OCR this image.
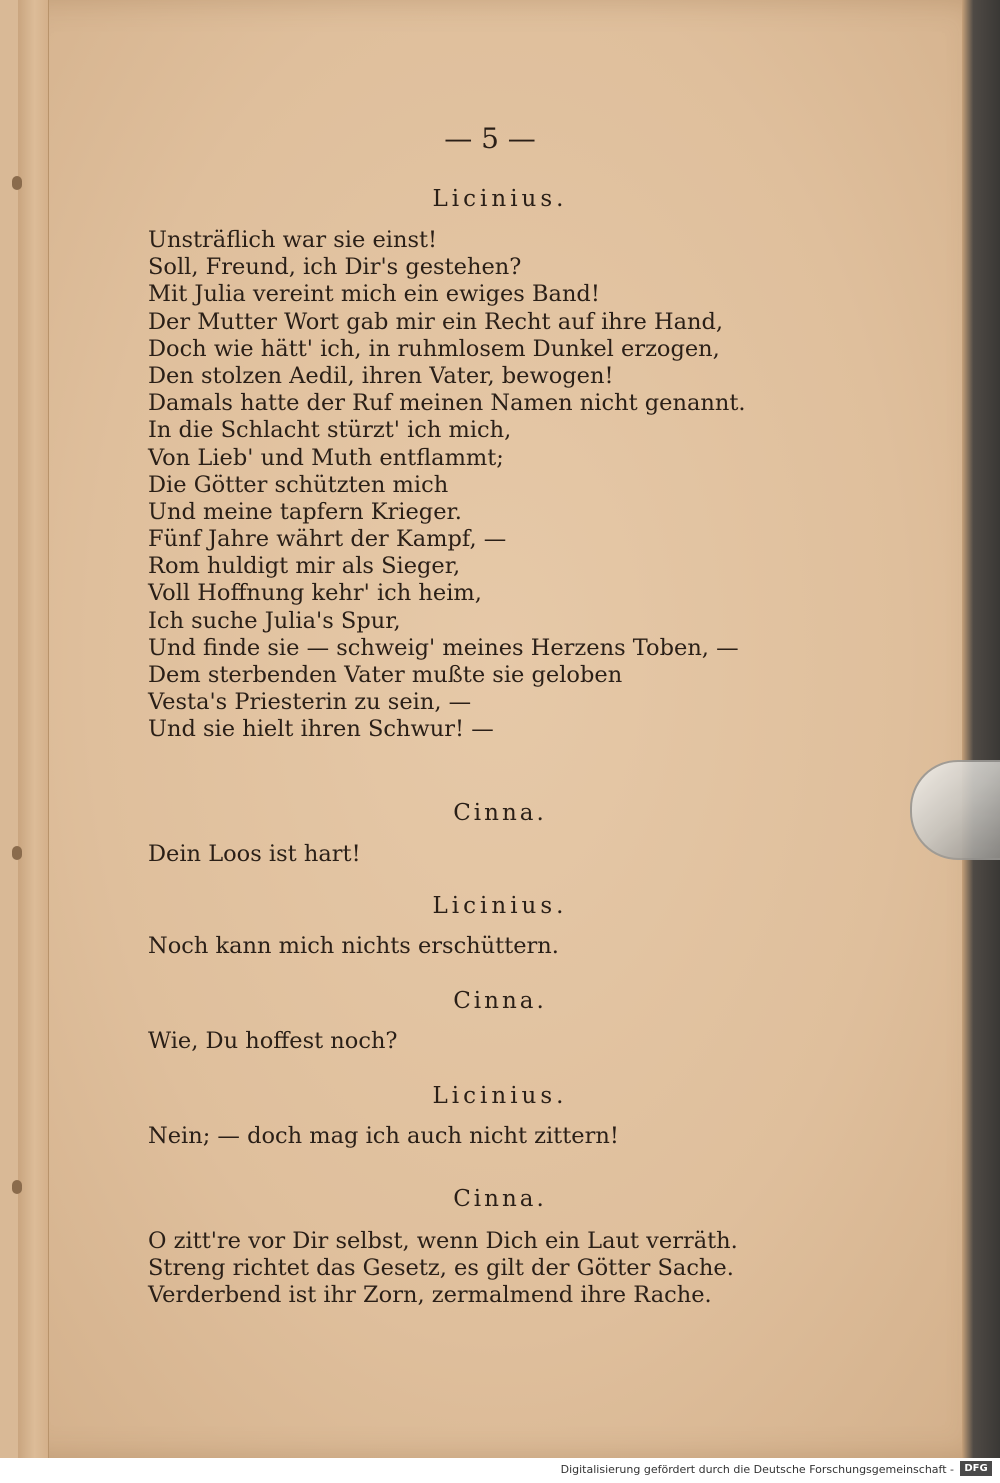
— 5 —
Licinius.
Unsträflich war sie einst!
Soll, Freund, ich Dir's gestehen?
Mit Julia vereint mich ein ewiges Band!
Der Mutter Wort gab mir ein Recht auf ihre Hand,
Doch wie hätt' ich, in ruhmlosem Dunkel erzogen,
Den stolzen Aedil, ihren Vater, bewogen!
Damals hatte der Ruf meinen Namen nicht genannt.
In die Schlacht stürzt' ich mich,
Von Lieb' und Muth entflammt;
Die Götter schützten mich
Und meine tapfern Krieger.
Fünf Jahre währt der Kampf, —
Rom huldigt mir als Sieger,
Voll Hoffnung kehr' ich heim,
Ich suche Julia's Spur,
Und finde sie — schweig' meines Herzens Toben, —
Dem sterbenden Vater mußte sie geloben
Vesta's Priesterin zu sein, —
Und sie hielt ihren Schwur! —
Cinna.
Dein Loos ist hart!
Licinius.
Noch kann mich nichts erschüttern.
Cinna.
Wie, Du hoffest noch?
Licinius.
Nein; — doch mag ich auch nicht zittern!
Cinna.
O zitt're vor Dir selbst, wenn Dich ein Laut verräth.
Streng richtet das Gesetz, es gilt der Götter Sache.
Verderbend ist ihr Zorn, zermalmend ihre Rache.
Digitalisierung gefördert durch die Deutsche Forschungsgemeinschaft -	DFG
